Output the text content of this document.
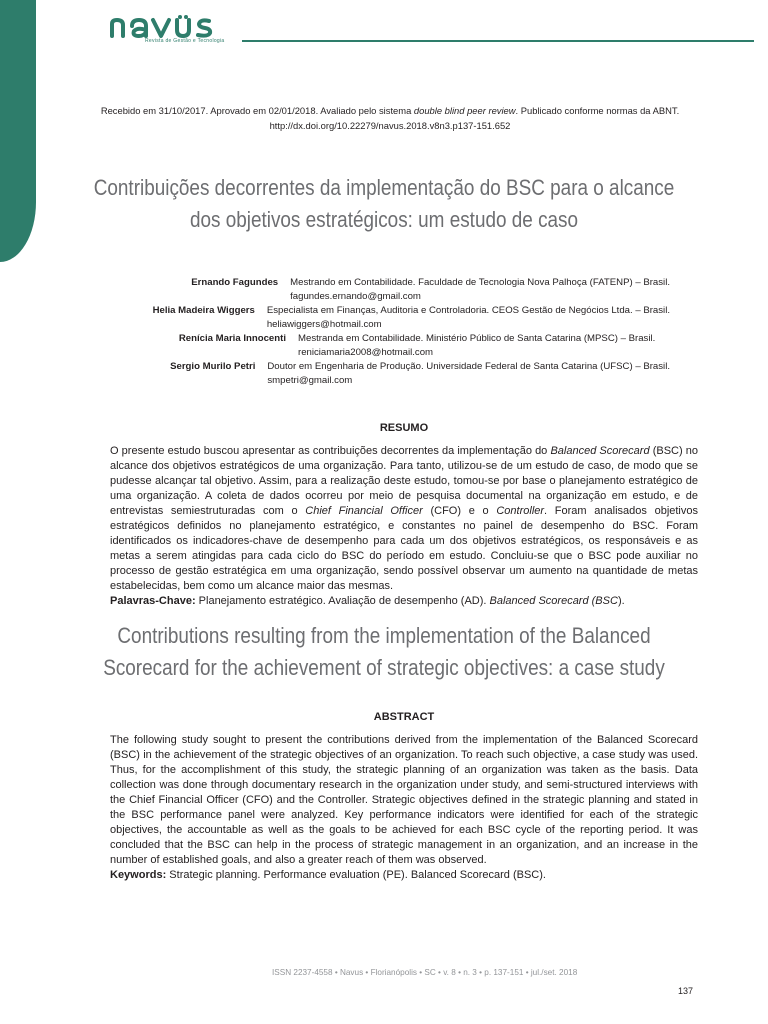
Revista de Gestão e Tecnologia
Recebido em 31/10/2017. Aprovado em 02/01/2018. Avaliado pelo sistema double blind peer review. Publicado conforme normas da ABNT.
http://dx.doi.org/10.22279/navus.2018.v8n3.p137-151.652
Contribuições decorrentes da implementação do BSC para o alcance
dos objetivos estratégicos: um estudo de caso
Ernando Fagundes	Mestrando em Contabilidade. Faculdade de Tecnologia Nova Palhoça (FATENP) – Brasil.
fagundes.ernando@gmail.com
Helia Madeira Wiggers	Especialista em Finanças, Auditoria e Controladoria. CEOS Gestão de Negócios Ltda. – Brasil.
heliawiggers@hotmail.com
Renícia Maria Innocenti	Mestranda em Contabilidade. Ministério Público de Santa Catarina (MPSC) – Brasil.
reniciamaria2008@hotmail.com
Sergio Murilo Petri	Doutor em Engenharia de Produção. Universidade Federal de Santa Catarina (UFSC) – Brasil.
smpetri@gmail.com
RESUMO

O presente estudo buscou apresentar as contribuições decorrentes da implementação do Balanced Scorecard (BSC) no alcance dos objetivos estratégicos de uma organização. Para tanto, utilizou-se de um estudo de caso, de modo que se pudesse alcançar tal objetivo. Assim, para a realização deste estudo, tomou-se por base o planejamento estratégico de uma organização. A coleta de dados ocorreu por meio de pesquisa documental na organização em estudo, e de entrevistas semiestruturadas com o Chief Financial Officer (CFO) e o Controller. Foram analisados objetivos estratégicos definidos no planejamento estratégico, e constantes no painel de desempenho do BSC. Foram identificados os indicadores-chave de desempenho para cada um dos objetivos estratégicos, os responsáveis e as metas a serem atingidas para cada ciclo do BSC do período em estudo. Concluiu-se que o BSC pode auxiliar no processo de gestão estratégica em uma organização, sendo possível observar um aumento na quantidade de metas estabelecidas, bem como um alcance maior das mesmas.

Palavras-Chave: Planejamento estratégico. Avaliação de desempenho (AD). Balanced Scorecard (BSC).

Contributions resulting from the implementation of the Balanced
Scorecard for the achievement of strategic objectives: a case study
ABSTRACT

The following study sought to present the contributions derived from the implementation of the Balanced Scorecard (BSC) in the achievement of the strategic objectives of an organization. To reach such objective, a case study was used. Thus, for the accomplishment of this study, the strategic planning of an organization was taken as the basis. Data collection was done through documentary research in the organization under study, and semi-structured interviews with the Chief Financial Officer (CFO) and the Controller. Strategic objectives defined in the strategic planning and stated in the BSC performance panel were analyzed. Key performance indicators were identified for each of the strategic objectives, the accountable as well as the goals to be achieved for each BSC cycle of the reporting period. It was concluded that the BSC can help in the process of strategic management in an organization, and an increase in the number of established goals, and also a greater reach of them was observed.

Keywords: Strategic planning. Performance evaluation (PE). Balanced Scorecard (BSC).

ISSN 2237-4558 • Navus • Florianópolis • SC • v. 8 • n. 3 • p. 137-151 • jul./set. 2018
137
